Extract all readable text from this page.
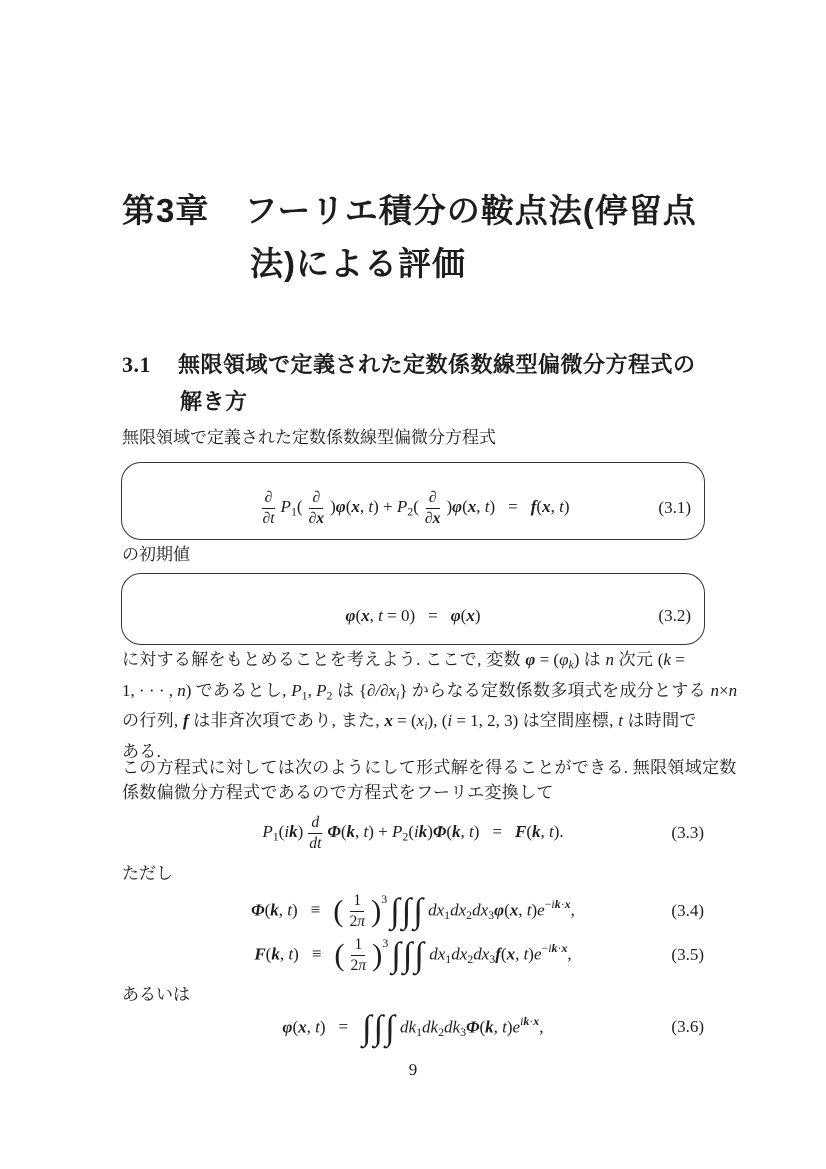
第3章 フーリエ積分の鞍点法(停留点
法)による評価
3.1 無限領域で定義された定数係数線型偏微分方程式の
解き方
無限領域で定義された定数係数線型偏微分方程式
∂
∂t
$P_1$( ∂
∂x
)φ(x, $t) + P_2$( ∂
∂x
)φ(x, t) = f(x, t)	(3.1)
の初期値
φ(x, t = 0) = φ(x)	(3.2)
に対する解をもとめることを考えよう. ここで, 変数 $\varphi = (\varphi_k)$ は n 次元 (k =
1, · · · , n) であるとし, $P_1$, $P_2$ は $\{\partial/\partial x_i\}$ からなる定数係数多項式を成分とする n×n
の行列, f は非斉次項であり, また, $x = (x_i)$, (i = 1, 2, 3) は空間座標, t は時間で
ある.
この方程式に対しては次のようにして形式解を得ることができる. 無限領域定数
係数偏微分方程式であるので方程式をフーリエ変換して
$P_1(ik) \frac{d}{dt} \Phi(k$, $t) + P_2(ik)\Phi(k$, t) = F(k, t).	(3.3)
ただし
Φ(k, t) ≡ ( $\frac{1}{2\pi} )^3\int\int\int$ $dx_1dx_2dx_3\varphi(x$, $t)e^{-ik\cdot x}$,	(3.4)
F(k, t) ≡ ( $\frac{1}{2\pi} )^3\int\int\int$ $dx_1dx_2dx_3f(x$, $t)e^{-ik\cdot x}$,	(3.5)
あるいは
φ(x, t) = ∫∫∫ $dk_1dk_2dk_3\Phi(k$, $t)e^{ik\cdot x}$,	(3.6)
9
